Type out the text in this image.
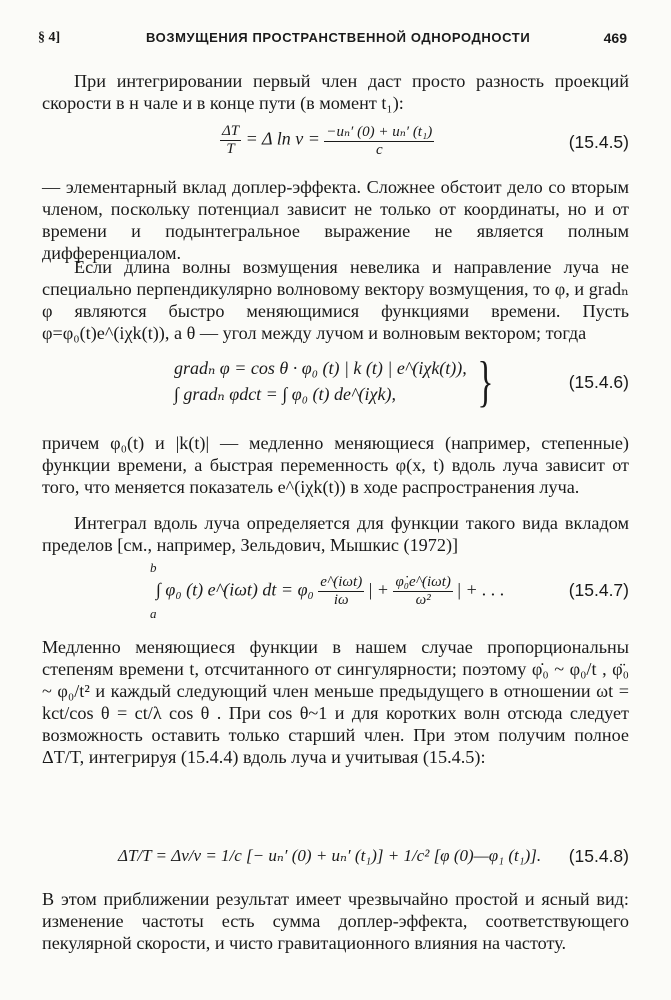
§ 4]	ВОЗМУЩЕНИЯ ПРОСТРАНСТВЕННОЙ ОДНОРОДНОСТИ	469
При интегрировании первый член даст просто разность проекций скорости в н чале и в конце пути (в момент t₁):
$\frac{\Delta T}{T} = \Delta$ $\ln \nu = \frac{\text{−uₙ′ (0) + uₙ′ (t₁)}}{c}$	(15.4.5)
— элементарный вклад доплер-эффекта. Сложнее обстоит дело со вторым членом, поскольку потенциал зависит не только от координаты, но и от времени и подынтегральное выражение не является полным дифференциалом.
Если длина волны возмущения невелика и направление луча не специально перпендикулярно волновому вектору возмущения, то φ, и gradₙ φ являются быстро меняющимися функциями времени. Пусть φ=φ₀(t)e^(iχk(t)), а θ — угол между лучом и волновым вектором; тогда
gradₙ φ = cos θ · φ₀ (t) | k (t) | e^(iχk(t)),
∫ gradₙ φdct = ∫ φ₀ (t) de^(iχk), }	(15.4.6)
причем φ₀(t) и |k(t)| — медленно меняющиеся (например, степенные) функции времени, а быстрая переменность φ(x, t) вдоль луча зависит от того, что меняется показатель e^(iχk(t)) в ходе распространения луча.
Интеграл вдоль луча определяется для функции такого вида вкладом пределов [см., например, Зельдович, Мышкис (1972)]
b
a
∫ φ₀ (t) e^(iωt) dt = $\varphi_0 \frac{\text{e\textasciicircum{}(iωt)}}{i\omega}$ | + $\frac{\text{φ̇₀e\textasciicircum{}(iωt)}}{\text{ω²}}$ | + . . .	(15.4.7)
Медленно меняющиеся функции в нашем случае пропорциональны степеням времени t, отсчитанного от сингулярности; поэтому φ̇₀ ~ φ₀/t , φ̈₀ ~ φ₀/t² и каждый следующий член меньше предыдущего в отношении ωt = kct/cos θ = ct/λ cos θ . При cos θ~1 и для коротких волн отсюда следует возможность оставить только старший член. При этом получим полное ΔT/T, интегрируя (15.4.4) вдоль луча и учитывая (15.4.5):
ΔT/T = Δν/ν = 1/c [− uₙ′ (0) + uₙ′ (t₁)] + 1/c² [φ (0)—φ₁ (t₁)]. (15.4.8)
В этом приближении результат имеет чрезвычайно простой и ясный вид: изменение частоты есть сумма доплер-эффекта, соответствующего пекулярной скорости, и чисто гравитационного влияния на частоту.
